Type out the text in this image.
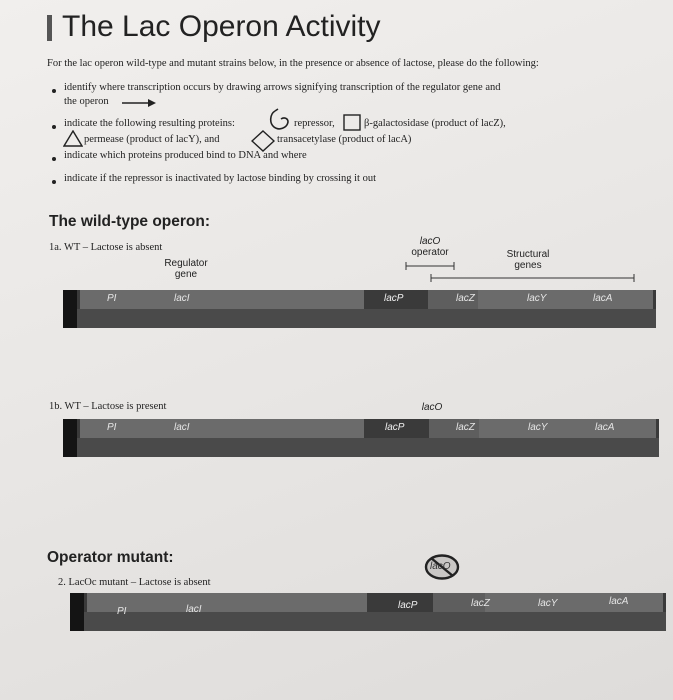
The Lac Operon Activity
For the lac operon wild-type and mutant strains below, in the presence or absence of lactose, please do the following:
identify where transcription occurs by drawing arrows signifying transcription of the regulator gene and
the operon
indicate the following resulting proteins:	repressor,	β-galactosidase (product of lacZ),
permease (product of lacY), and	transacetylase (product of lacA)
indicate which proteins produced bind to DNA and where
indicate if the repressor is inactivated by lactose binding by crossing it out
The wild-type operon:
1a. WT – Lactose is absent
Regulator
gene
lacO
operator	Structural
genes
PI	lacI	lacP	lacZ	lacY	lacA
1b. WT – Lactose is present	lacO
PI	lacI	lacP	lacZ	lacY	lacA
Operator mutant:
2. LacOc mutant – Lactose is absent
lacO
PI	lacI	lacP	lacZ	lacY	lacA
